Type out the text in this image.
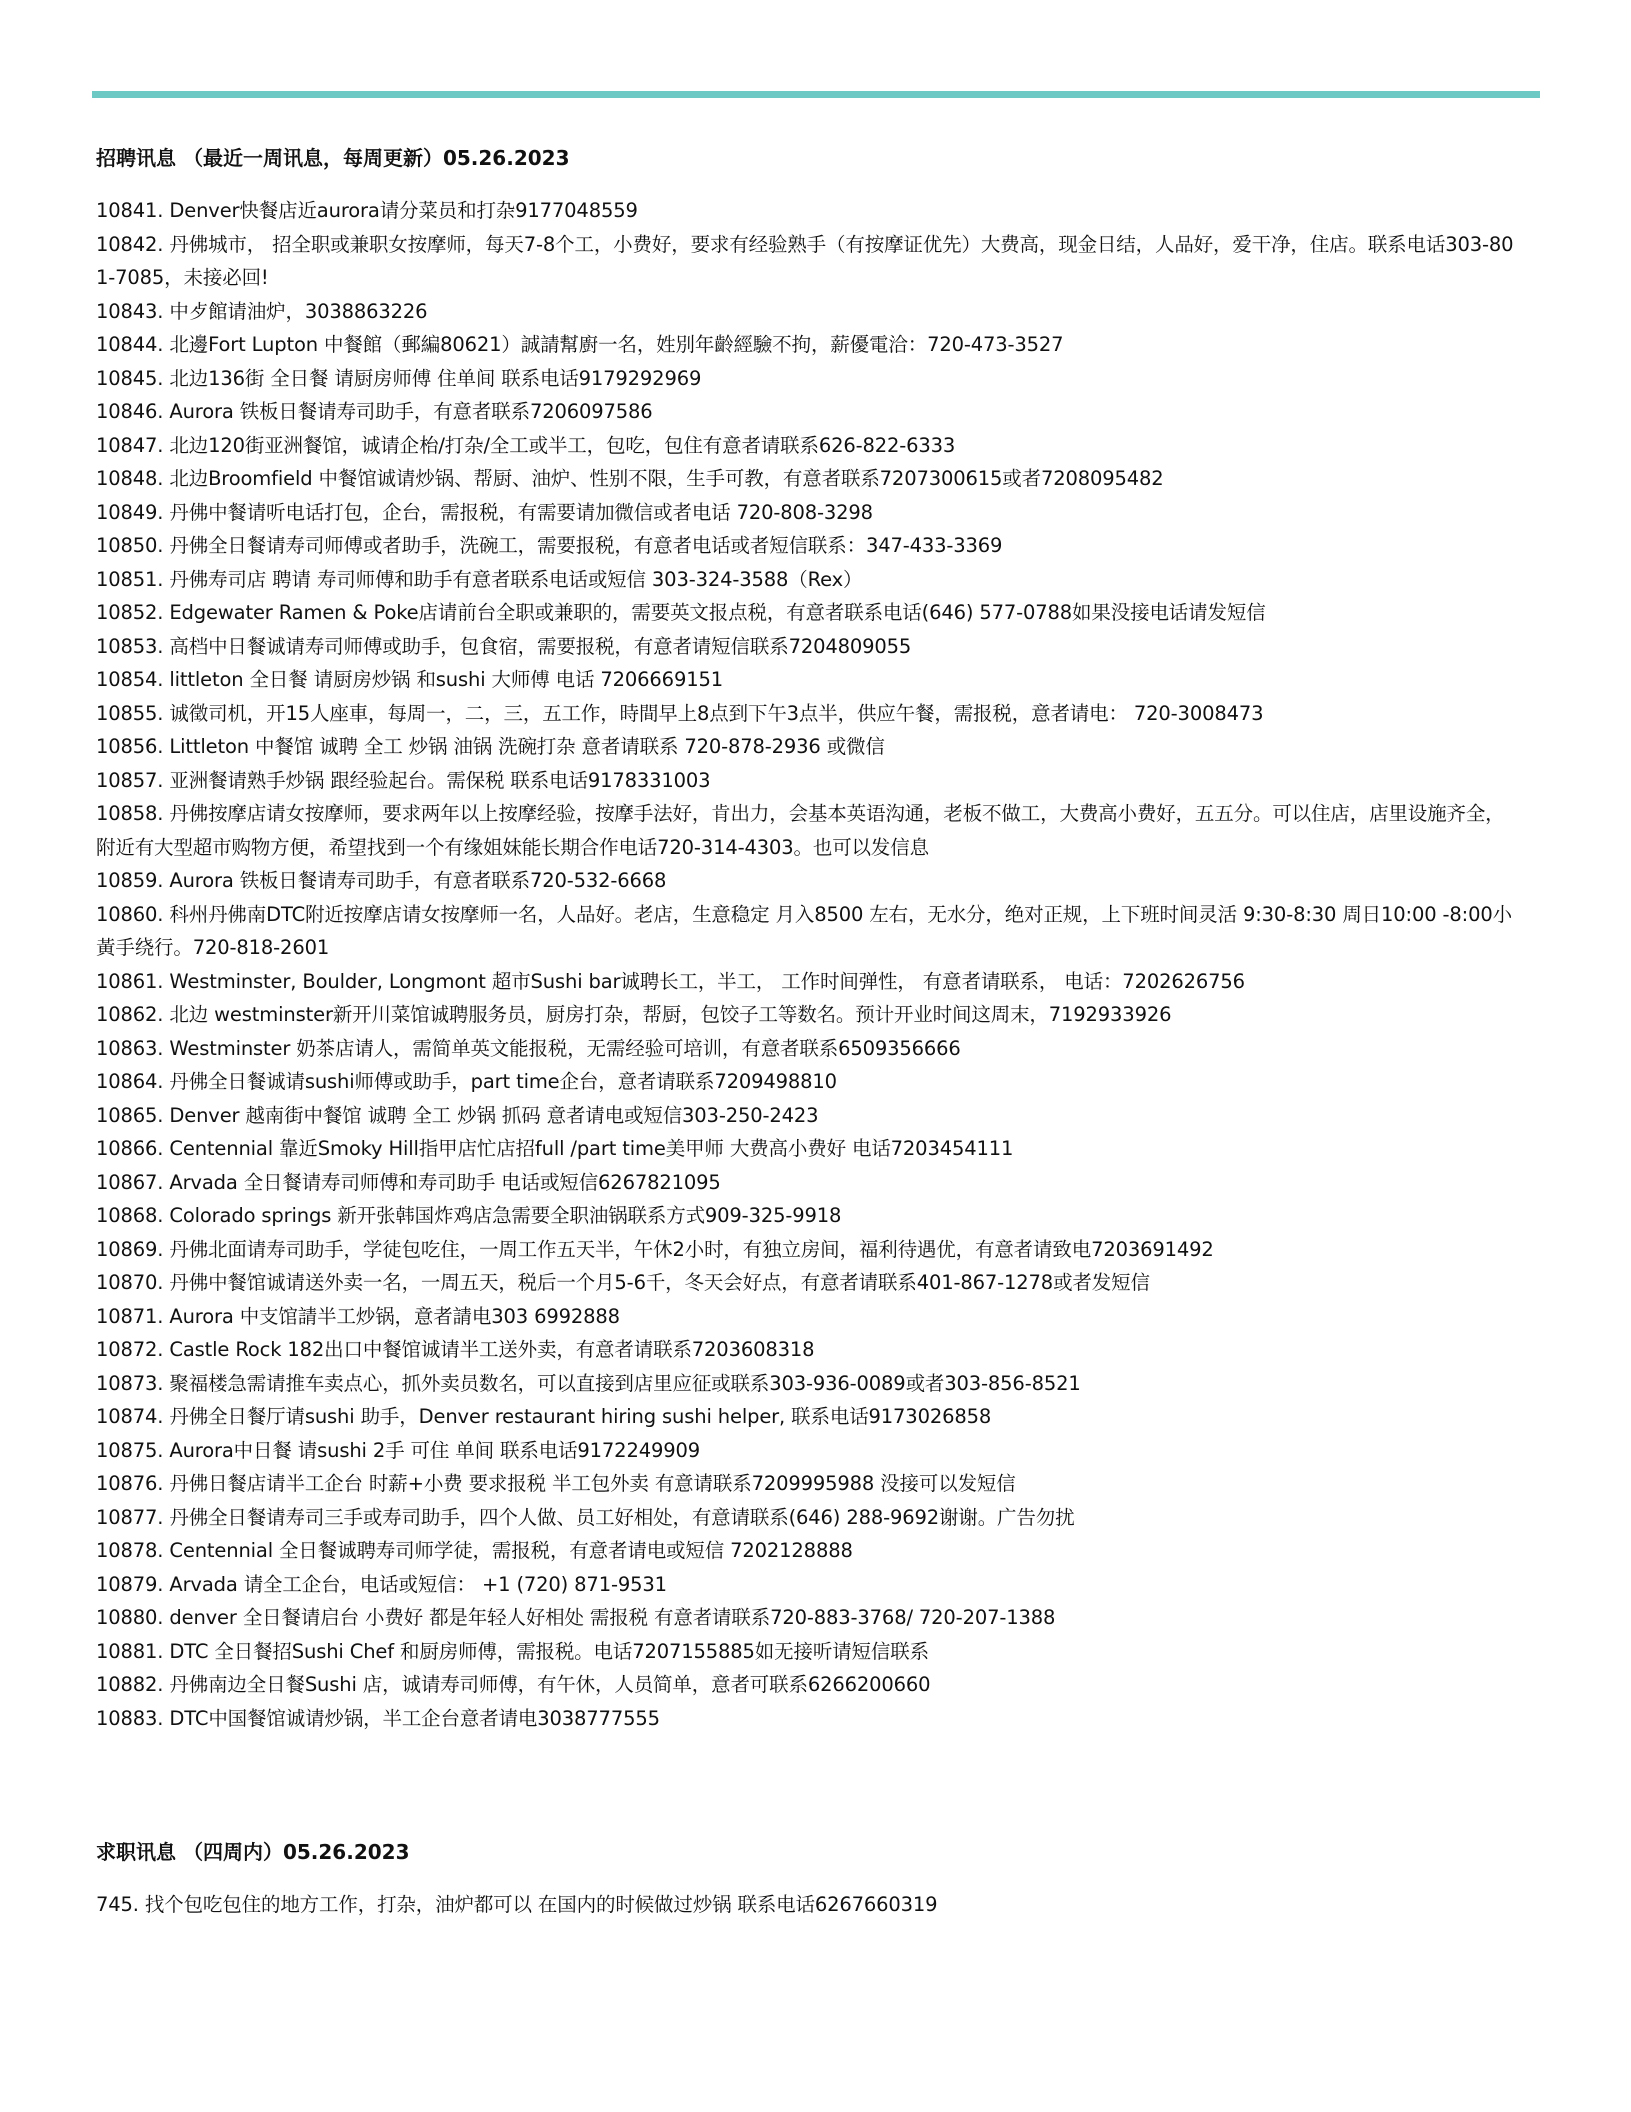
招聘讯息 （最近一周讯息，每周更新）05.26.2023
10841. Denver快餐店近aurora请分菜员和打杂9177048559
10842. 丹佛城市， 招全职或兼职女按摩师，每天7-8个工，小费好，要求有经验熟手（有按摩证优先）大费高，现金日结，人品好，爱干净，住店。联系电话303-801-7085，未接必回!
10843. 中歺館请油炉，3038863226
10844. 北邊Fort Lupton 中餐館（郵編80621）誠請幫廚一名，姓別年齡經驗不拘，薪優電洽：720-473-3527
10845. 北边136街 全日餐 请厨房师傅 住单间 联系电话9179292969
10846. Aurora 铁板日餐请寿司助手，有意者联系7206097586
10847. 北边120街亚洲餐馆，诚请企枱/打杂/全工或半工，包吃，包住有意者请联系626-822-6333
10848. 北边Broomfield 中餐馆诚请炒锅、帮厨、油炉、性别不限，生手可教，有意者联系7207300615或者7208095482
10849. 丹佛中餐请听电话打包，企台，需报税，有需要请加微信或者电话 720-808-3298
10850. 丹佛全日餐请寿司师傅或者助手，洗碗工，需要报税，有意者电话或者短信联系：347-433-3369
10851. 丹佛寿司店 聘请 寿司师傅和助手有意者联系电话或短信 303-324-3588（Rex）
10852. Edgewater Ramen & Poke店请前台全职或兼职的，需要英文报点税，有意者联系电话(646) 577-0788如果没接电话请发短信
10853. 高档中日餐诚请寿司师傅或助手，包食宿，需要报税，有意者请短信联系7204809055
10854. littleton 全日餐 请厨房炒锅 和sushi 大师傅 电话 7206669151
10855. 诚徵司机，开15人座車，每周一，二，三，五工作，時間早上8点到下午3点半，供应午餐，需报税，意者请电： 720-3008473
10856. Littleton 中餐馆 诚聘 全工 炒锅 油锅 洗碗打杂 意者请联系 720-878-2936 或微信
10857. 亚洲餐请熟手炒锅 跟经验起台。需保税 联系电话9178331003
10858. 丹佛按摩店请女按摩师，要求两年以上按摩经验，按摩手法好，肯出力，会基本英语沟通，老板不做工，大费高小费好，五五分。可以住店，店里设施齐全，附近有大型超市购物方便，希望找到一个有缘姐妹能长期合作电话720-314-4303。也可以发信息
10859. Aurora 铁板日餐请寿司助手，有意者联系720-532-6668
10860. 科州丹佛南DTC附近按摩店请女按摩师一名，人品好。老店，生意稳定 月入8500 左右，无水分，绝对正规，上下班时间灵活 9:30-8:30 周日10:00 -8:00小黃手绕行。720-818-2601
10861. Westminster, Boulder, Longmont 超市Sushi bar诚聘长工，半工， 工作时间弹性， 有意者请联系， 电话：7202626756
10862. 北边 westminster新开川菜馆诚聘服务员，厨房打杂，帮厨，包饺子工等数名。预计开业时间这周末，7192933926
10863. Westminster 奶茶店请人，需简单英文能报税，无需经验可培训，有意者联系6509356666
10864. 丹佛全日餐诚请sushi师傅或助手，part time企台，意者请联系7209498810
10865. Denver 越南街中餐馆 诚聘 全工 炒锅 抓码 意者请电或短信303-250-2423
10866. Centennial 靠近Smoky Hill指甲店忙店招full /part time美甲师 大费高小费好 电话7203454111
10867. Arvada 全日餐请寿司师傅和寿司助手 电话或短信6267821095
10868. Colorado springs 新开张韩国炸鸡店急需要全职油锅联系方式909-325-9918
10869. 丹佛北面请寿司助手，学徒包吃住，一周工作五天半，午休2小时，有独立房间，福利待遇优，有意者请致电7203691492
10870. 丹佛中餐馆诚请送外卖一名，一周五天，税后一个月5-6千，冬天会好点，有意者请联系401-867-1278或者发短信
10871. Aurora 中支馆請半工炒锅，意者請电303 6992888
10872. Castle Rock 182出口中餐馆诚请半工送外卖，有意者请联系7203608318
10873. 聚福楼急需请推车卖点心，抓外卖员数名，可以直接到店里应征或联系303-936-0089或者303-856-8521
10874. 丹佛全日餐厅请sushi 助手，Denver restaurant hiring sushi helper, 联系电话9173026858
10875. Aurora中日餐 请sushi 2手 可住 单间 联系电话9172249909
10876. 丹佛日餐店请半工企台 时薪+小费 要求报税 半工包外卖 有意请联系7209995988 没接可以发短信
10877. 丹佛全日餐请寿司三手或寿司助手，四个人做、员工好相处，有意请联系(646) 288-9692谢谢。广告勿扰
10878. Centennial 全日餐诚聘寿司师学徒，需报税，有意者请电或短信 7202128888
10879. Arvada 请全工企台，电话或短信： +1 (720) 871-9531
10880. denver 全日餐请启台 小费好 都是年轻人好相处 需报税 有意者请联系720-883-3768/ 720-207-1388
10881. DTC 全日餐招Sushi Chef 和厨房师傅，需报税。电话7207155885如无接听请短信联系
10882. 丹佛南边全日餐Sushi 店，诚请寿司师傅，有午休，人员简单，意者可联系6266200660
10883. DTC中国餐馆诚请炒锅，半工企台意者请电3038777555
求职讯息 （四周内）05.26.2023
745. 找个包吃包住的地方工作，打杂，油炉都可以 在国内的时候做过炒锅 联系电话6267660319
